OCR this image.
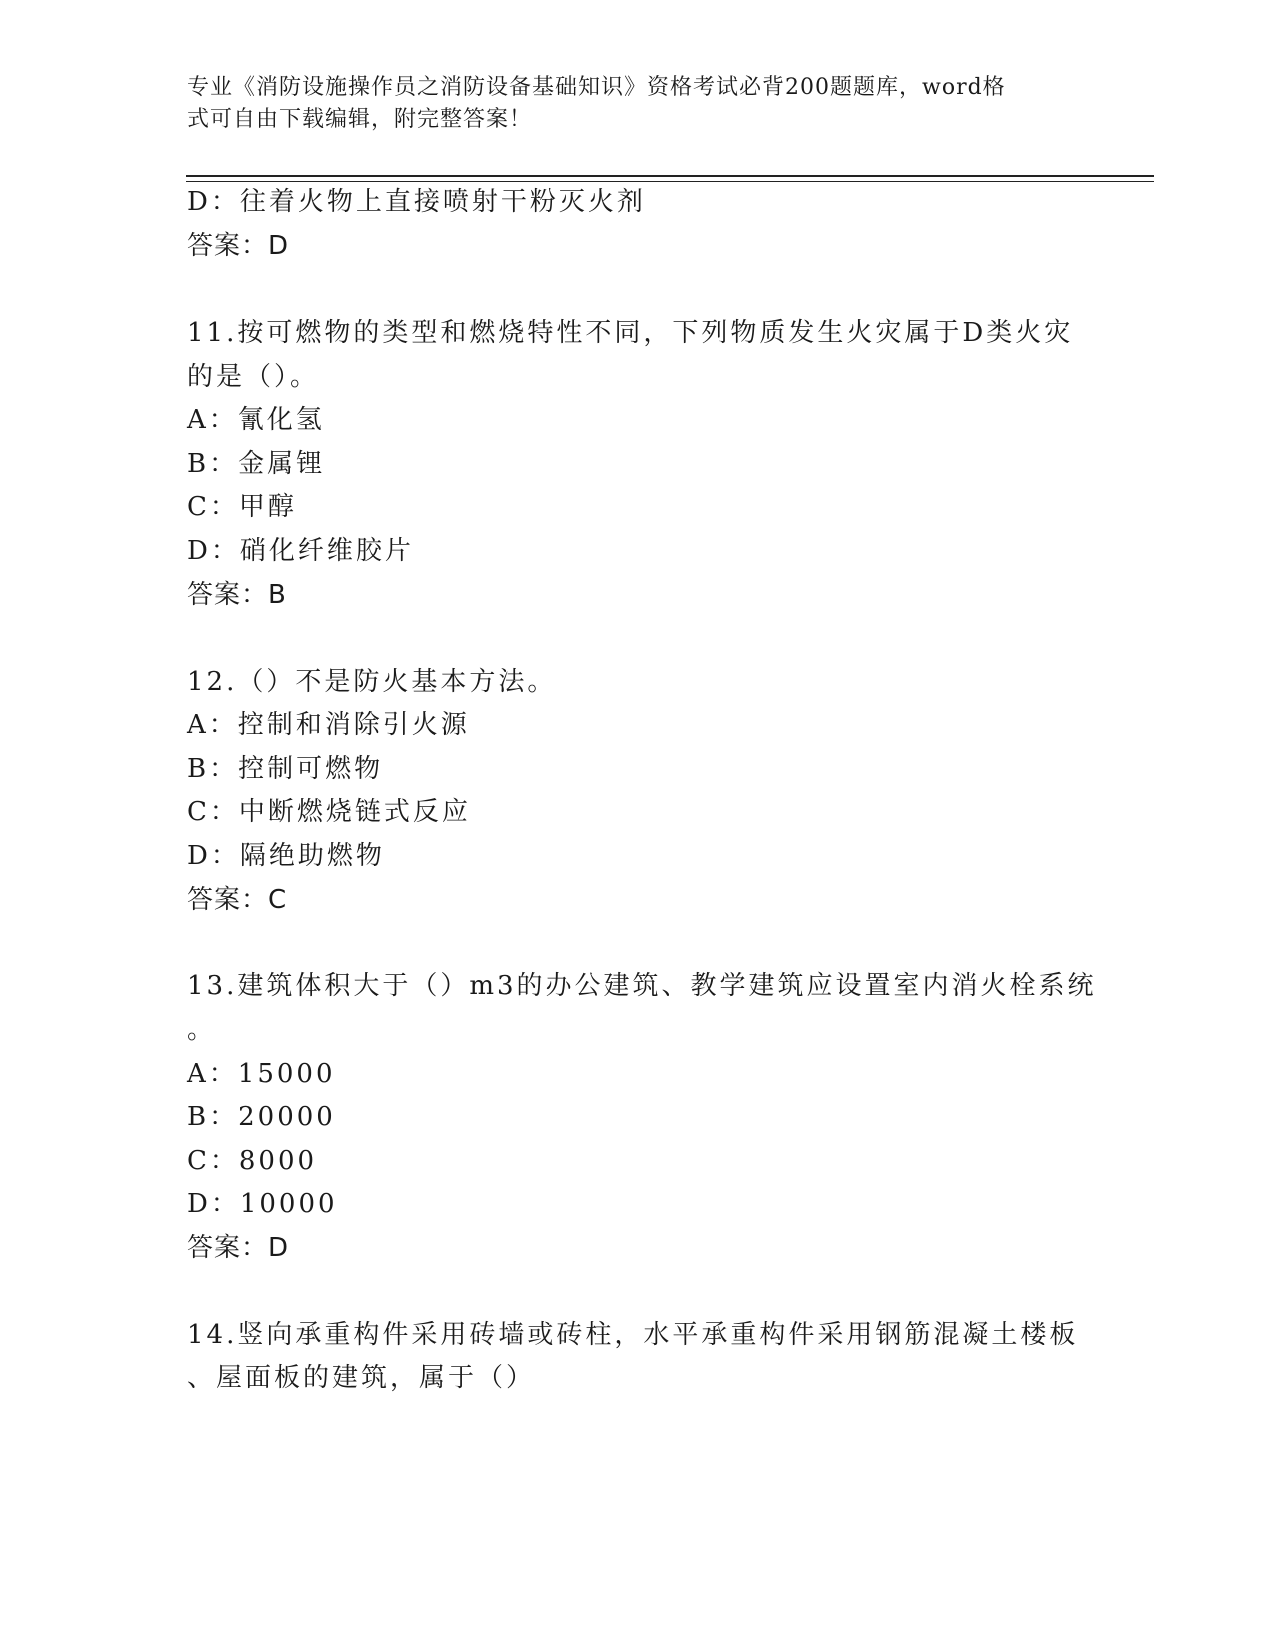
专业《消防设施操作员之消防设备基础知识》资格考试必背200题题库，word格
式可自由下载编辑，附完整答案！
D：往着火物上直接喷射干粉灭火剂
答案：D
11.按可燃物的类型和燃烧特性不同，下列物质发生火灾属于D类火灾
的是（）。
A：氰化氢
B：金属锂
C：甲醇
D：硝化纤维胶片
答案：B
12.（）不是防火基本方法。
A：控制和消除引火源
B：控制可燃物
C：中断燃烧链式反应
D：隔绝助燃物
答案：C
13.建筑体积大于（）m3的办公建筑、教学建筑应设置室内消火栓系统
。
A：15000
B：20000
C：8000
D：10000
答案：D
14.竖向承重构件采用砖墙或砖柱，水平承重构件采用钢筋混凝土楼板
、屋面板的建筑，属于（）
